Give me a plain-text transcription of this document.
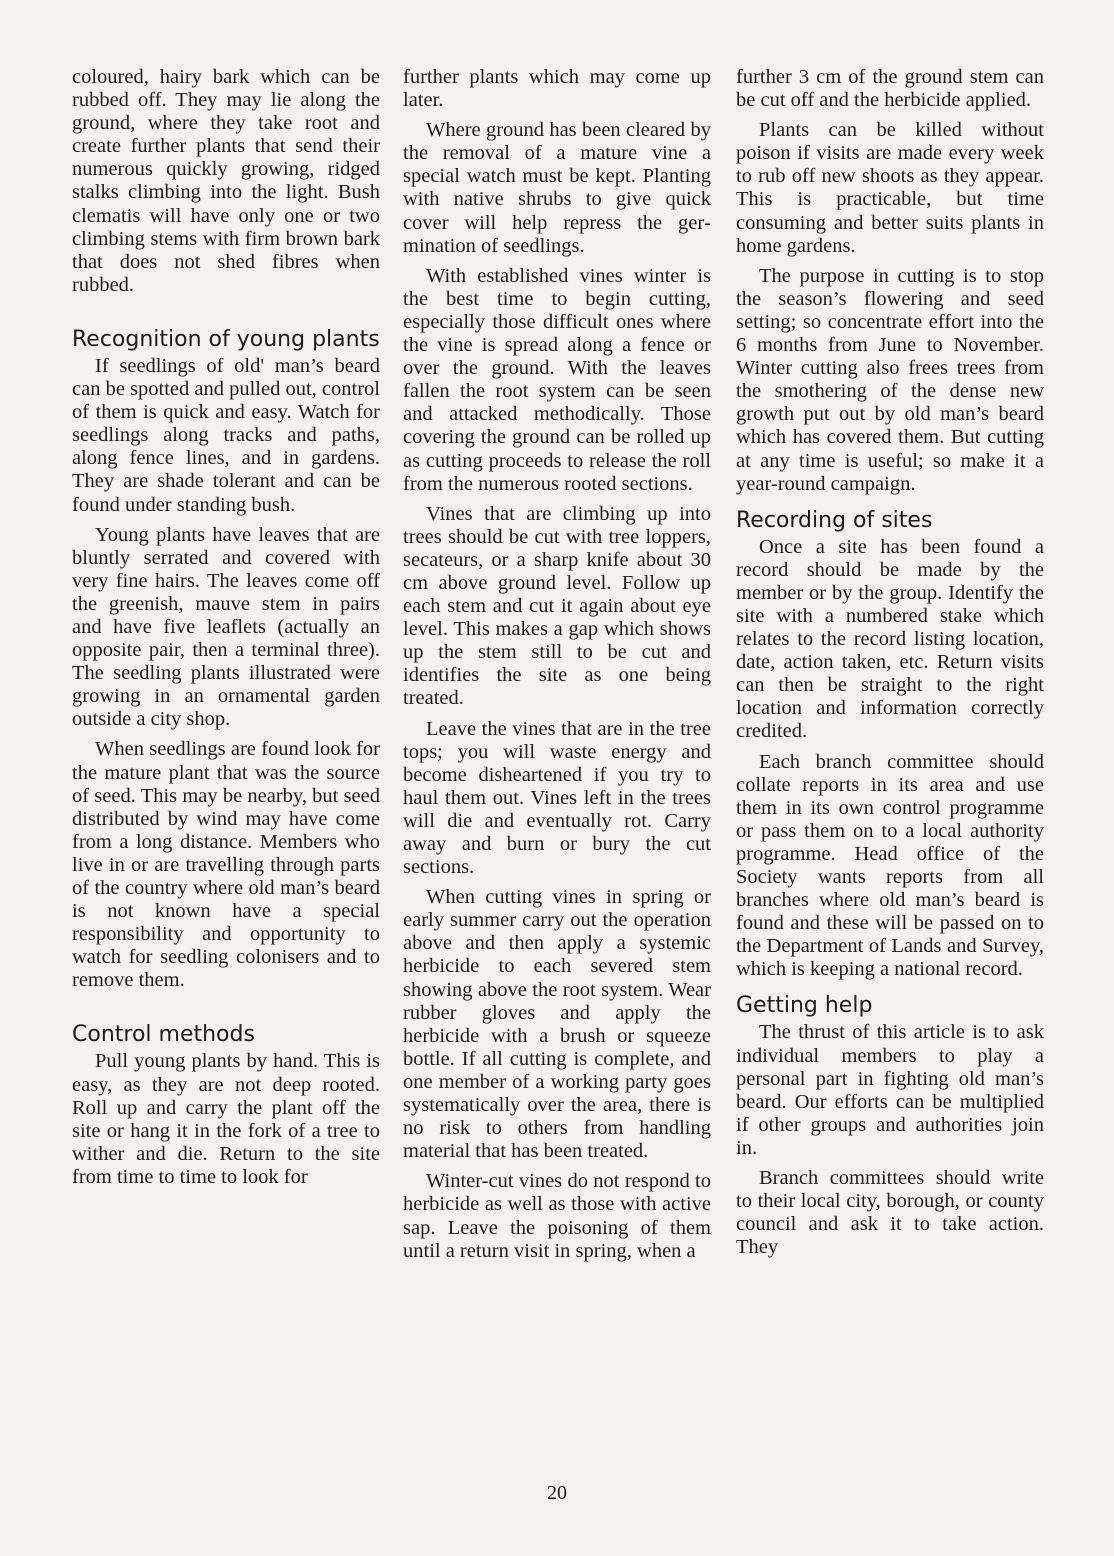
coloured, hairy bark which can be rubbed off. They may lie along the ground, where they take root and create further plants that send their numerous quickly growing, ridged stalks climbing into the light. Bush clematis will have only one or two climbing stems with firm brown bark that does not shed fibres when rubbed.

Recognition of young plants

If seedlings of old' man’s beard can be spotted and pulled out, control of them is quick and easy. Watch for seedlings along tracks and paths, along fence lines, and in gardens. They are shade tolerant and can be found under standing bush.

Young plants have leaves that are bluntly serrated and covered with very fine hairs. The leaves come off the greenish, mauve stem in pairs and have five leaflets (actually an opposite pair, then a terminal three). The seedling plants illustrated were growing in an ornamental garden outside a city shop.

When seedlings are found look for the mature plant that was the source of seed. This may be nearby, but seed distributed by wind may have come from a long distance. Members who live in or are travelling through parts of the country where old man’s beard is not known have a special responsibility and opportunity to watch for seedling colonisers and to remove them.

Control methods

Pull young plants by hand. This is easy, as they are not deep rooted. Roll up and carry the plant off the site or hang it in the fork of a tree to wither and die. Return to the site from time to time to look for

further plants which may come up later.

Where ground has been cleared by the removal of a mature vine a special watch must be kept. Planting with native shrubs to give quick cover will help repress the germination of seedlings.

With established vines winter is the best time to begin cutting, especially those difficult ones where the vine is spread along a fence or over the ground. With the leaves fallen the root system can be seen and attacked methodically. Those covering the ground can be rolled up as cutting proceeds to release the roll from the numerous rooted sections.

Vines that are climbing up into trees should be cut with tree loppers, secateurs, or a sharp knife about 30 cm above ground level. Follow up each stem and cut it again about eye level. This makes a gap which shows up the stem still to be cut and identifies the site as one being treated.

Leave the vines that are in the tree tops; you will waste energy and become disheartened if you try to haul them out. Vines left in the trees will die and eventually rot. Carry away and burn or bury the cut sections.

When cutting vines in spring or early summer carry out the operation above and then apply a systemic herbicide to each severed stem showing above the root system. Wear rubber gloves and apply the herbicide with a brush or squeeze bottle. If all cutting is complete, and one member of a working party goes systematically over the area, there is no risk to others from handling material that has been treated.

Winter-cut vines do not respond to herbicide as well as those with active sap. Leave the poisoning of them until a return visit in spring, when a

further 3 cm of the ground stem can be cut off and the herbicide applied.

Plants can be killed without poison if visits are made every week to rub off new shoots as they appear. This is practicable, but time consuming and better suits plants in home gardens.

The purpose in cutting is to stop the season’s flowering and seed setting; so concentrate effort into the 6 months from June to November. Winter cutting also frees trees from the smothering of the dense new growth put out by old man’s beard which has covered them. But cutting at any time is useful; so make it a year-round campaign.

Recording of sites

Once a site has been found a record should be made by the member or by the group. Identify the site with a numbered stake which relates to the record listing location, date, action taken, etc. Return visits can then be straight to the right location and information correctly credited.

Each branch committee should collate reports in its area and use them in its own control programme or pass them on to a local authority programme. Head office of the Society wants reports from all branches where old man’s beard is found and these will be passed on to the Department of Lands and Survey, which is keeping a national record.

Getting help

The thrust of this article is to ask individual members to play a personal part in fighting old man’s beard. Our efforts can be multiplied if other groups and authorities join in.

Branch committees should write to their local city, borough, or county council and ask it to take action. They

20
